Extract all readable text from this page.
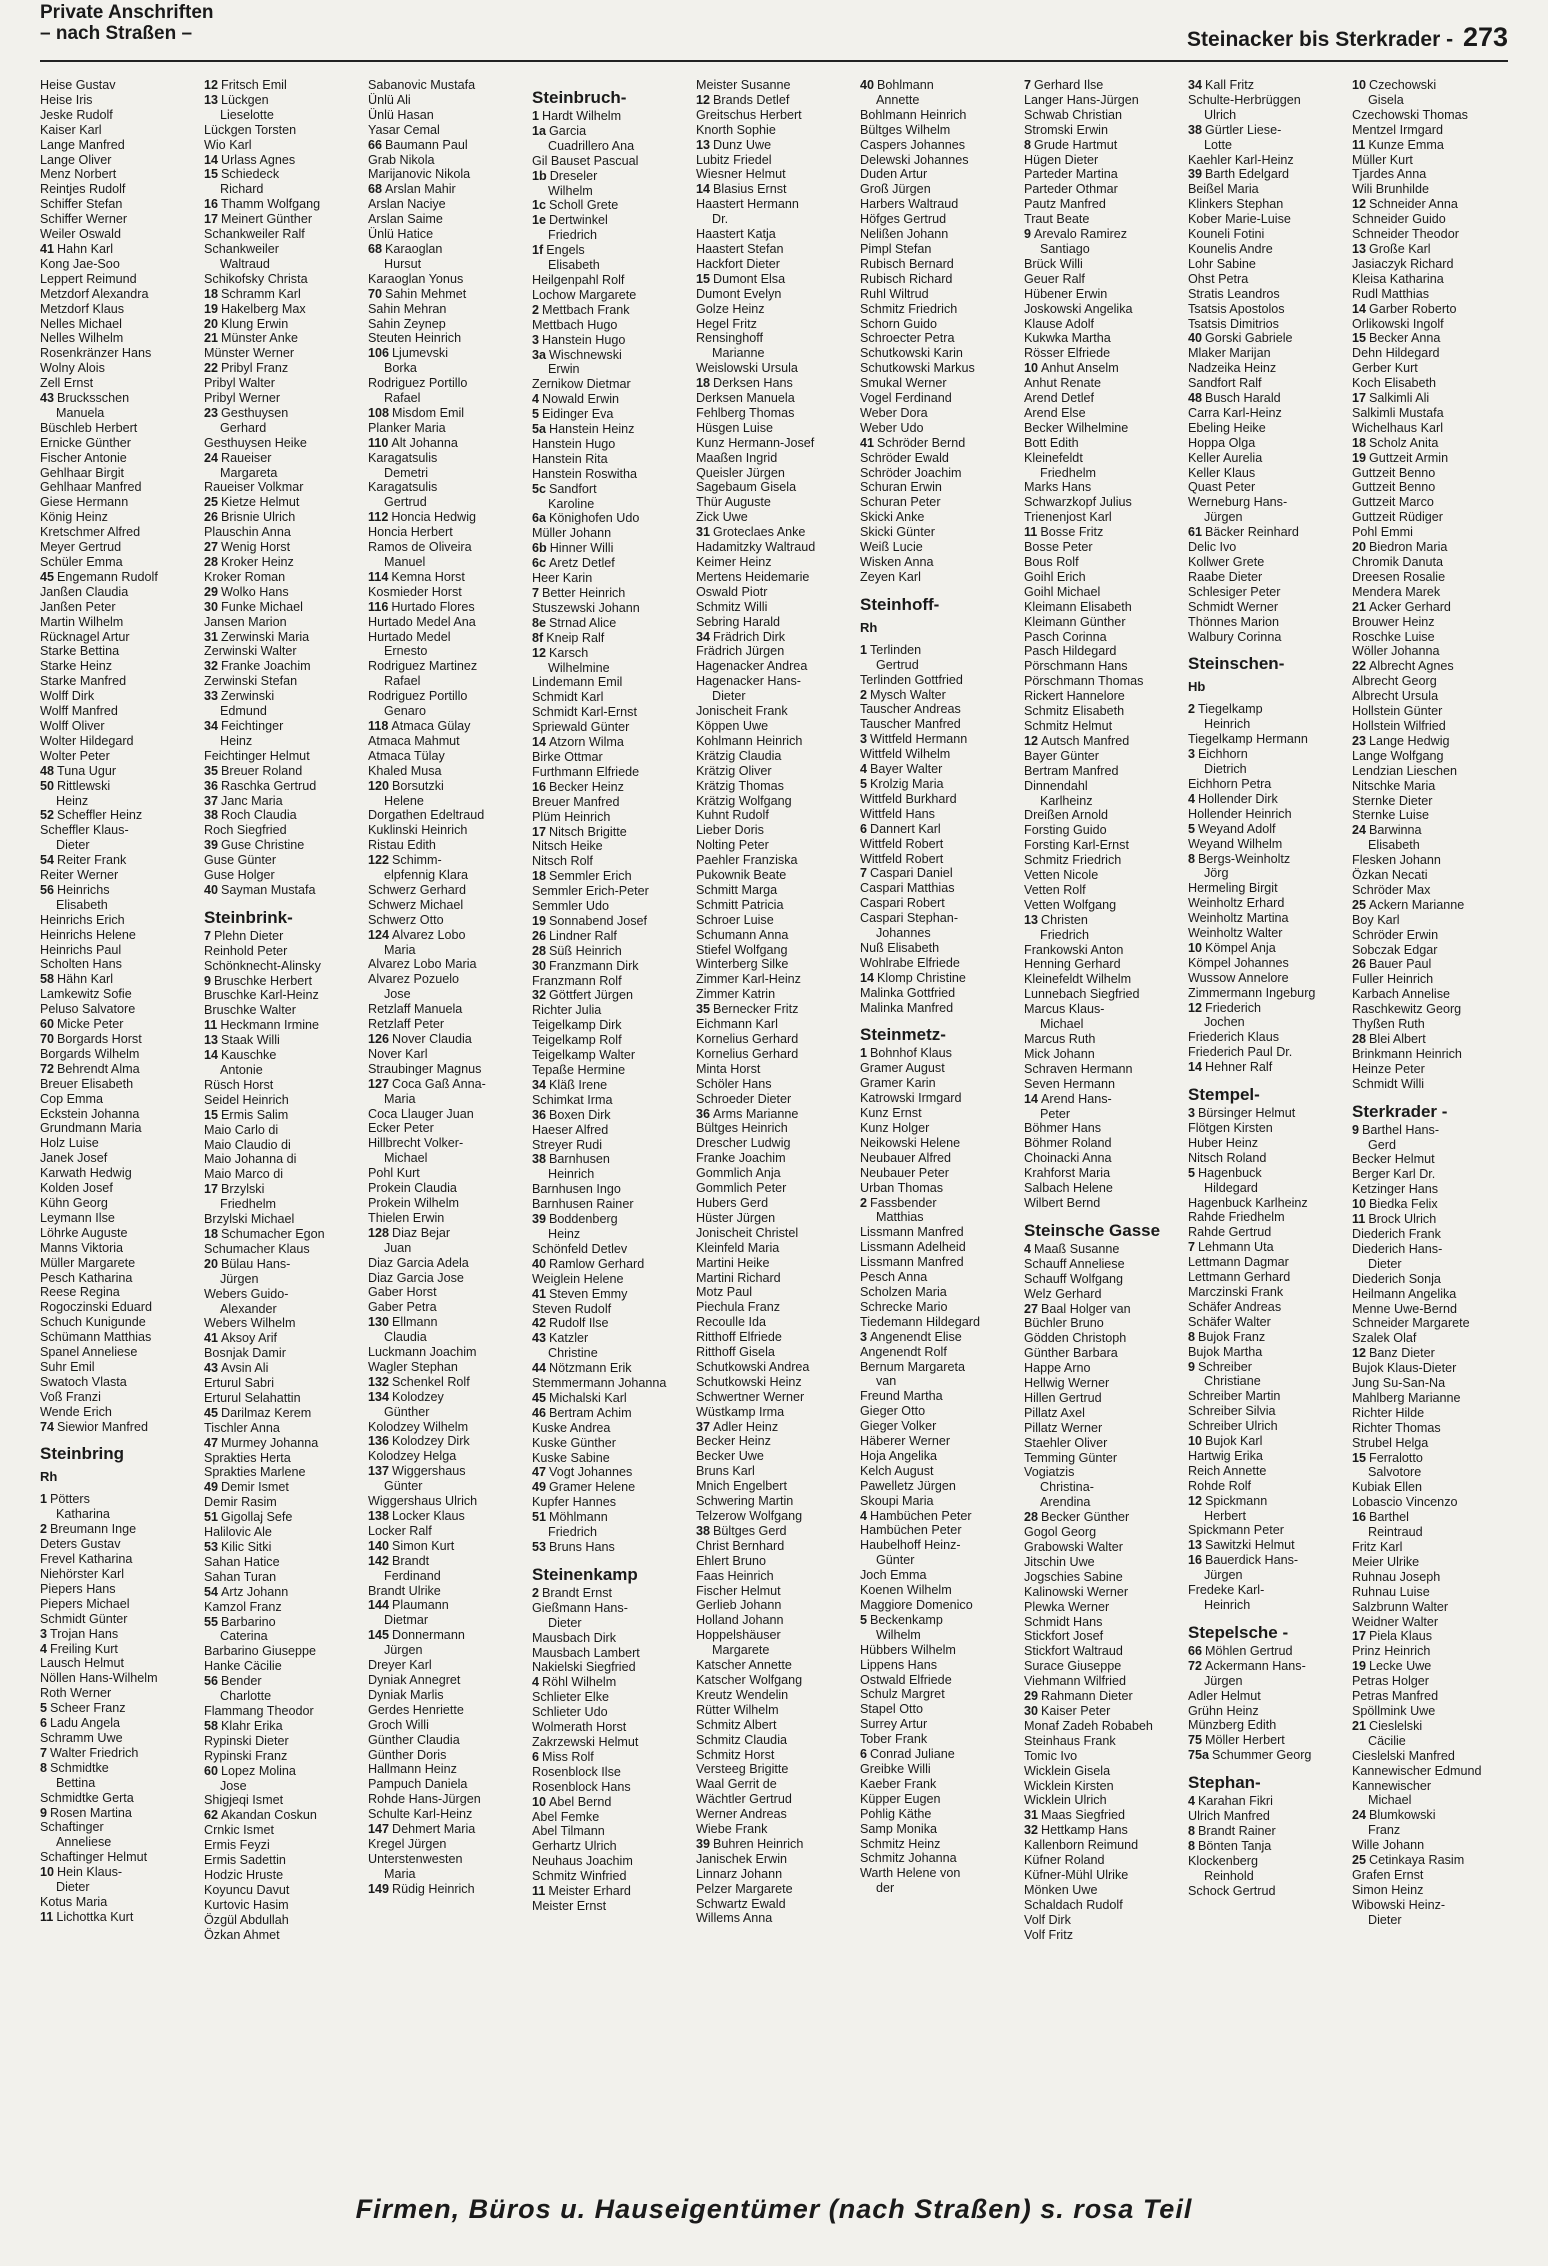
Private Anschriften
– nach Straßen –	Steinacker bis Sterkrader - 273
Heise Gustav
Heise Iris
Jeske Rudolf
Kaiser Karl
Lange Manfred
Lange Oliver
Menz Norbert
Reintjes Rudolf
Schiffer Stefan
Schiffer Werner
Weiler Oswald
41 Hahn Karl
Kong Jae-Soo
Leppert Reimund
Metzdorf Alexandra
Metzdorf Klaus
Nelles Michael
Nelles Wilhelm
Rosenkränzer Hans
Wolny Alois
Zell Ernst
43 Brucksschen
Manuela
Büschleb Herbert
Ernicke Günther
Fischer Antonie
Gehlhaar Birgit
Gehlhaar Manfred
Giese Hermann
König Heinz
Kretschmer Alfred
Meyer Gertrud
Schüler Emma
45 Engemann Rudolf
Janßen Claudia
Janßen Peter
Martin Wilhelm
Rücknagel Artur
Starke Bettina
Starke Heinz
Starke Manfred
Wolff Dirk
Wolff Manfred
Wolff Oliver
Wolter Hildegard
Wolter Peter
48 Tuna Ugur
50 Rittlewski
Heinz
52 Scheffler Heinz
Scheffler Klaus-
Dieter
54 Reiter Frank
Reiter Werner
56 Heinrichs
Elisabeth
Heinrichs Erich
Heinrichs Helene
Heinrichs Paul
Scholten Hans
58 Hähn Karl
Lamkewitz Sofie
Peluso Salvatore
60 Micke Peter
70 Borgards Horst
Borgards Wilhelm
72 Behrendt Alma
Breuer Elisabeth
Cop Emma
Eckstein Johanna
Grundmann Maria
Holz Luise
Janek Josef
Karwath Hedwig
Kolden Josef
Kühn Georg
Leymann Ilse
Löhrke Auguste
Manns Viktoria
Müller Margarete
Pesch Katharina
Reese Regina
Rogoczinski Eduard
Schuch Kunigunde
Schümann Matthias
Spanel Anneliese
Suhr Emil
Swatoch Vlasta
Voß Franzi
Wende Erich
74 Siewior Manfred
Steinbring
Rh
1 Pötters
Katharina
2 Breumann Inge
Deters Gustav
Frevel Katharina
Niehörster Karl
Piepers Hans
Piepers Michael
Schmidt Günter
3 Trojan Hans
4 Freiling Kurt
Lausch Helmut
Nöllen Hans-Wilhelm
Roth Werner
5 Scheer Franz
6 Ladu Angela
Schramm Uwe
7 Walter Friedrich
8 Schmidtke
Bettina
Schmidtke Gerta
9 Rosen Martina
Schaftinger
Anneliese
Schaftinger Helmut
10 Hein Klaus-
Dieter
Kotus Maria
11 Lichottka Kurt
12 Fritsch Emil
13 Lückgen
Lieselotte
Lückgen Torsten
Wio Karl
14 Urlass Agnes
15 Schiedeck
Richard
16 Thamm Wolfgang
17 Meinert Günther
Schankweiler Ralf
Schankweiler
Waltraud
Schikofsky Christa
18 Schramm Karl
19 Hakelberg Max
20 Klung Erwin
21 Münster Anke
Münster Werner
22 Pribyl Franz
Pribyl Walter
Pribyl Werner
23 Gesthuysen
Gerhard
Gesthuysen Heike
24 Raueiser
Margareta
Raueiser Volkmar
25 Kietze Helmut
26 Brisnie Ulrich
Plauschin Anna
27 Wenig Horst
28 Kroker Heinz
Kroker Roman
29 Wolko Hans
30 Funke Michael
Jansen Marion
31 Zerwinski Maria
Zerwinski Walter
32 Franke Joachim
Zerwinski Stefan
33 Zerwinski
Edmund
34 Feichtinger
Heinz
Feichtinger Helmut
35 Breuer Roland
36 Raschka Gertrud
37 Janc Maria
38 Roch Claudia
Roch Siegfried
39 Guse Christine
Guse Günter
Guse Holger
40 Sayman Mustafa
Steinbrink-
7 Plehn Dieter
Reinhold Peter
Schönknecht-Alinsky
9 Bruschke Herbert
Bruschke Karl-Heinz
Bruschke Walter
11 Heckmann Irmine
13 Staak Willi
14 Kauschke
Antonie
Rüsch Horst
Seidel Heinrich
15 Ermis Salim
Maio Carlo di
Maio Claudio di
Maio Johanna di
Maio Marco di
17 Brzylski
Friedhelm
Brzylski Michael
18 Schumacher Egon
Schumacher Klaus
20 Bülau Hans-
Jürgen
Webers Guido-
Alexander
Webers Wilhelm
41 Aksoy Arif
Bosnjak Damir
43 Avsin Ali
Erturul Sabri
Erturul Selahattin
45 Darilmaz Kerem
Tischler Anna
47 Murmey Johanna
Sprakties Herta
Sprakties Marlene
49 Demir Ismet
Demir Rasim
51 Gigollaj Sefe
Halilovic Ale
53 Kilic Sitki
Sahan Hatice
Sahan Turan
54 Artz Johann
Kamzol Franz
55 Barbarino
Caterina
Barbarino Giuseppe
Hanke Cäcilie
56 Bender
Charlotte
Flammang Theodor
58 Klahr Erika
Rypinski Dieter
Rypinski Franz
60 Lopez Molina
Jose
Shigjeqi Ismet
62 Akandan Coskun
Crnkic Ismet
Ermis Feyzi
Ermis Sadettin
Hodzic Hruste
Koyuncu Davut
Kurtovic Hasim
Özgül Abdullah
Özkan Ahmet
Sabanovic Mustafa
Ünlü Ali
Ünlü Hasan
Yasar Cemal
66 Baumann Paul
Grab Nikola
Marijanovic Nikola
68 Arslan Mahir
Arslan Naciye
Arslan Saime
Ünlü Hatice
68 Karaoglan
Hursut
Karaoglan Yonus
70 Sahin Mehmet
Sahin Mehran
Sahin Zeynep
Steuten Heinrich
106 Ljumevski
Borka
Rodriguez Portillo
Rafael
108 Misdom Emil
Planker Maria
110 Alt Johanna
Karagatsulis
Demetri
Karagatsulis
Gertrud
112 Honcia Hedwig
Honcia Herbert
Ramos de Oliveira
Manuel
114 Kemna Horst
Kosmieder Horst
116 Hurtado Flores
Hurtado Medel Ana
Hurtado Medel
Ernesto
Rodriguez Martinez
Rafael
Rodriguez Portillo
Genaro
118 Atmaca Gülay
Atmaca Mahmut
Atmaca Tülay
Khaled Musa
120 Borsutzki
Helene
Dorgathen Edeltraud
Kuklinski Heinrich
Ristau Edith
122 Schimm-
elpfennig Klara
Schwerz Gerhard
Schwerz Michael
Schwerz Otto
124 Alvarez Lobo
Maria
Alvarez Lobo Maria
Alvarez Pozuelo
Jose
Retzlaff Manuela
Retzlaff Peter
126 Nover Claudia
Nover Karl
Straubinger Magnus
127 Coca Gaß Anna-
Maria
Coca Llauger Juan
Ecker Peter
Hillbrecht Volker-
Michael
Pohl Kurt
Prokein Claudia
Prokein Wilhelm
Thielen Erwin
128 Diaz Bejar
Juan
Diaz Garcia Adela
Diaz Garcia Jose
Gaber Horst
Gaber Petra
130 Ellmann
Claudia
Luckmann Joachim
Wagler Stephan
132 Schenkel Rolf
134 Kolodzey
Günther
Kolodzey Wilhelm
136 Kolodzey Dirk
Kolodzey Helga
137 Wiggershaus
Günter
Wiggershaus Ulrich
138 Locker Klaus
Locker Ralf
140 Simon Kurt
142 Brandt
Ferdinand
Brandt Ulrike
144 Plaumann
Dietmar
145 Donnermann
Jürgen
Dreyer Karl
Dyniak Annegret
Dyniak Marlis
Gerdes Henriette
Groch Willi
Günther Claudia
Günther Doris
Hallmann Heinz
Pampuch Daniela
Rohde Hans-Jürgen
Schulte Karl-Heinz
147 Dehmert Maria
Kregel Jürgen
Unterstenwesten
Maria
149 Rüdig Heinrich
Steinbruch-
1 Hardt Wilhelm
1a Garcia
Cuadrillero Ana
Gil Bauset Pascual
1b Dreseler
Wilhelm
1c Scholl Grete
1e Dertwinkel
Friedrich
1f Engels
Elisabeth
Heilgenpahl Rolf
Lochow Margarete
2 Mettbach Frank
Mettbach Hugo
3 Hanstein Hugo
3a Wischnewski
Erwin
Zernikow Dietmar
4 Nowald Erwin
5 Eidinger Eva
5a Hanstein Heinz
Hanstein Hugo
Hanstein Rita
Hanstein Roswitha
5c Sandfort
Karoline
6a Könighofen Udo
Müller Johann
6b Hinner Willi
6c Aretz Detlef
Heer Karin
7 Better Heinrich
Stuszewski Johann
8e Strnad Alice
8f Kneip Ralf
12 Karsch
Wilhelmine
Lindemann Emil
Schmidt Karl
Schmidt Karl-Ernst
Spriewald Günter
14 Atzorn Wilma
Birke Ottmar
Furthmann Elfriede
16 Becker Heinz
Breuer Manfred
Plüm Heinrich
17 Nitsch Brigitte
Nitsch Heike
Nitsch Rolf
18 Semmler Erich
Semmler Erich-Peter
Semmler Udo
19 Sonnabend Josef
26 Lindner Ralf
28 Süß Heinrich
30 Franzmann Dirk
Franzmann Rolf
32 Göttfert Jürgen
Richter Julia
Teigelkamp Dirk
Teigelkamp Rolf
Teigelkamp Walter
Tepaße Hermine
34 Kläß Irene
Schimkat Irma
36 Boxen Dirk
Haeser Alfred
Streyer Rudi
38 Barnhusen
Heinrich
Barnhusen Ingo
Barnhusen Rainer
39 Boddenberg
Heinz
Schönfeld Detlev
40 Ramlow Gerhard
Weiglein Helene
41 Steven Emmy
Steven Rudolf
42 Rudolf Ilse
43 Katzler
Christine
44 Nötzmann Erik
Stemmermann Johanna
45 Michalski Karl
46 Bertram Achim
Kuske Andrea
Kuske Günther
Kuske Sabine
47 Vogt Johannes
49 Gramer Helene
Kupfer Hannes
51 Möhlmann
Friedrich
53 Bruns Hans
Steinenkamp
2 Brandt Ernst
Gießmann Hans-
Dieter
Mausbach Dirk
Mausbach Lambert
Nakielski Siegfried
4 Röhl Wilhelm
Schlieter Elke
Schlieter Udo
Wolmerath Horst
Zakrzewski Helmut
6 Miss Rolf
Rosenblock Ilse
Rosenblock Hans
10 Abel Bernd
Abel Femke
Abel Tilmann
Gerhartz Ulrich
Neuhaus Joachim
Schmitz Winfried
11 Meister Erhard
Meister Ernst
Meister Susanne
12 Brands Detlef
Greitschus Herbert
Knorth Sophie
13 Dunz Uwe
Lubitz Friedel
Wiesner Helmut
14 Blasius Ernst
Haastert Hermann
Dr.
Haastert Katja
Haastert Stefan
Hackfort Dieter
15 Dumont Elsa
Dumont Evelyn
Golze Heinz
Hegel Fritz
Rensinghoff
Marianne
Weislowski Ursula
18 Derksen Hans
Derksen Manuela
Fehlberg Thomas
Hüsgen Luise
Kunz Hermann-Josef
Maaßen Ingrid
Queisler Jürgen
Sagebaum Gisela
Thür Auguste
Zick Uwe
31 Groteclaes Anke
Hadamitzky Waltraud
Keimer Heinz
Mertens Heidemarie
Oswald Piotr
Schmitz Willi
Sebring Harald
34 Frädrich Dirk
Frädrich Jürgen
Hagenacker Andrea
Hagenacker Hans-
Dieter
Jonischeit Frank
Köppen Uwe
Kohlmann Heinrich
Krätzig Claudia
Krätzig Oliver
Krätzig Thomas
Krätzig Wolfgang
Kuhnt Rudolf
Lieber Doris
Nolting Peter
Paehler Franziska
Pukownik Beate
Schmitt Marga
Schmitt Patricia
Schroer Luise
Schumann Anna
Stiefel Wolfgang
Winterberg Silke
Zimmer Karl-Heinz
Zimmer Katrin
35 Bernecker Fritz
Eichmann Karl
Kornelius Gerhard
Kornelius Gerhard
Minta Horst
Schöler Hans
Schroeder Dieter
36 Arms Marianne
Bültges Heinrich
Drescher Ludwig
Franke Joachim
Gommlich Anja
Gommlich Peter
Hubers Gerd
Hüster Jürgen
Jonischeit Christel
Kleinfeld Maria
Martini Heike
Martini Richard
Motz Paul
Piechula Franz
Recoulle Ida
Ritthoff Elfriede
Ritthoff Gisela
Schutkowski Andrea
Schutkowski Heinz
Schwertner Werner
Wüstkamp Irma
37 Adler Heinz
Becker Heinz
Becker Uwe
Bruns Karl
Mnich Engelbert
Schwering Martin
Telzerow Wolfgang
38 Bültges Gerd
Christ Bernhard
Ehlert Bruno
Faas Heinrich
Fischer Helmut
Gerlieb Johann
Holland Johann
Hoppelshäuser
Margarete
Katscher Annette
Katscher Wolfgang
Kreutz Wendelin
Rütter Wilhelm
Schmitz Albert
Schmitz Claudia
Schmitz Horst
Versteeg Brigitte
Waal Gerrit de
Wächtler Gertrud
Werner Andreas
Wiebe Frank
39 Buhren Heinrich
Janischek Erwin
Linnarz Johann
Pelzer Margarete
Schwartz Ewald
Willems Anna
40 Bohlmann
Annette
Bohlmann Heinrich
Bültges Wilhelm
Caspers Johannes
Delewski Johannes
Duden Artur
Groß Jürgen
Harbers Waltraud
Höfges Gertrud
Nelißen Johann
Pimpl Stefan
Rubisch Bernard
Rubisch Richard
Ruhl Wiltrud
Schmitz Friedrich
Schorn Guido
Schroecter Petra
Schutkowski Karin
Schutkowski Markus
Smukal Werner
Vogel Ferdinand
Weber Dora
Weber Udo
41 Schröder Bernd
Schröder Ewald
Schröder Joachim
Schuran Erwin
Schuran Peter
Skicki Anke
Skicki Günter
Weiß Lucie
Wisken Anna
Zeyen Karl
Steinhoff-
Rh
1 Terlinden
Gertrud
Terlinden Gottfried
2 Mysch Walter
Tauscher Andreas
Tauscher Manfred
3 Wittfeld Hermann
Wittfeld Wilhelm
4 Bayer Walter
5 Krolzig Maria
Wittfeld Burkhard
Wittfeld Hans
6 Dannert Karl
Wittfeld Robert
Wittfeld Robert
7 Caspari Daniel
Caspari Matthias
Caspari Robert
Caspari Stephan-
Johannes
Nuß Elisabeth
Wohlrabe Elfriede
14 Klomp Christine
Malinka Gottfried
Malinka Manfred
Steinmetz-
1 Bohnhof Klaus
Gramer August
Gramer Karin
Katrowski Irmgard
Kunz Ernst
Kunz Holger
Neikowski Helene
Neubauer Alfred
Neubauer Peter
Urban Thomas
2 Fassbender
Matthias
Lissmann Manfred
Lissmann Adelheid
Lissmann Manfred
Pesch Anna
Scholzen Maria
Schrecke Mario
Tiedemann Hildegard
3 Angenendt Elise
Angenendt Rolf
Bernum Margareta
van
Freund Martha
Gieger Otto
Gieger Volker
Häberer Werner
Hoja Angelika
Kelch August
Pawelletz Jürgen
Skoupi Maria
4 Hambüchen Peter
Hambüchen Peter
Haubelhoff Heinz-
Günter
Joch Emma
Koenen Wilhelm
Maggiore Domenico
5 Beckenkamp
Wilhelm
Hübbers Wilhelm
Lippens Hans
Ostwald Elfriede
Schulz Margret
Stapel Otto
Surrey Artur
Tober Frank
6 Conrad Juliane
Greibke Willi
Kaeber Frank
Küpper Eugen
Pohlig Käthe
Samp Monika
Schmitz Heinz
Schmitz Johanna
Warth Helene von
der
7 Gerhard Ilse
Langer Hans-Jürgen
Schwab Christian
Stromski Erwin
8 Grude Hartmut
Hügen Dieter
Parteder Martina
Parteder Othmar
Pautz Manfred
Traut Beate
9 Arevalo Ramirez
Santiago
Brück Willi
Geuer Ralf
Hübener Erwin
Joskowski Angelika
Klause Adolf
Kukwka Martha
Rösser Elfriede
10 Anhut Anselm
Anhut Renate
Arend Detlef
Arend Else
Becker Wilhelmine
Bott Edith
Kleinefeldt
Friedhelm
Marks Hans
Schwarzkopf Julius
Trienenjost Karl
11 Bosse Fritz
Bosse Peter
Bous Rolf
Goihl Erich
Goihl Michael
Kleimann Elisabeth
Kleimann Günther
Pasch Corinna
Pasch Hildegard
Pörschmann Hans
Pörschmann Thomas
Rickert Hannelore
Schmitz Elisabeth
Schmitz Helmut
12 Autsch Manfred
Bayer Günter
Bertram Manfred
Dinnendahl
Karlheinz
Dreißen Arnold
Forsting Guido
Forsting Karl-Ernst
Schmitz Friedrich
Vetten Nicole
Vetten Rolf
Vetten Wolfgang
13 Christen
Friedrich
Frankowski Anton
Henning Gerhard
Kleinefeldt Wilhelm
Lunnebach Siegfried
Marcus Klaus-
Michael
Marcus Ruth
Mick Johann
Schraven Hermann
Seven Hermann
14 Arend Hans-
Peter
Böhmer Hans
Böhmer Roland
Choinacki Anna
Krahforst Maria
Salbach Helene
Wilbert Bernd
Steinsche Gasse
4 Maaß Susanne
Schauff Anneliese
Schauff Wolfgang
Welz Gerhard
27 Baal Holger van
Büchler Bruno
Gödden Christoph
Günther Barbara
Happe Arno
Hellwig Werner
Hillen Gertrud
Pillatz Axel
Pillatz Werner
Staehler Oliver
Temming Günter
Vogiatzis
Christina-
Arendina
28 Becker Günther
Gogol Georg
Grabowski Walter
Jitschin Uwe
Jogschies Sabine
Kalinowski Werner
Plewka Werner
Schmidt Hans
Stickfort Josef
Stickfort Waltraud
Surace Giuseppe
Viehmann Wilfried
29 Rahmann Dieter
30 Kaiser Peter
Monaf Zadeh Robabeh
Steinhaus Frank
Tomic Ivo
Wicklein Gisela
Wicklein Kirsten
Wicklein Ulrich
31 Maas Siegfried
32 Hettkamp Hans
Kallenborn Reimund
Küfner Roland
Küfner-Mühl Ulrike
Mönken Uwe
Schaldach Rudolf
Volf Dirk
Volf Fritz
34 Kall Fritz
Schulte-Herbrüggen
Ulrich
38 Gürtler Liese-
Lotte
Kaehler Karl-Heinz
39 Barth Edelgard
Beißel Maria
Klinkers Stephan
Kober Marie-Luise
Kouneli Fotini
Kounelis Andre
Lohr Sabine
Ohst Petra
Stratis Leandros
Tsatsis Apostolos
Tsatsis Dimitrios
40 Gorski Gabriele
Mlaker Marijan
Nadzeika Heinz
Sandfort Ralf
48 Busch Harald
Carra Karl-Heinz
Ebeling Heike
Hoppa Olga
Keller Aurelia
Keller Klaus
Quast Peter
Werneburg Hans-
Jürgen
61 Bäcker Reinhard
Delic Ivo
Kollwer Grete
Raabe Dieter
Schlesiger Peter
Schmidt Werner
Thönnes Marion
Walbury Corinna
Steinschen-
Hb
2 Tiegelkamp
Heinrich
Tiegelkamp Hermann
3 Eichhorn
Dietrich
Eichhorn Petra
4 Hollender Dirk
Hollender Heinrich
5 Weyand Adolf
Weyand Wilhelm
8 Bergs-Weinholtz
Jörg
Hermeling Birgit
Weinholtz Erhard
Weinholtz Martina
Weinholtz Walter
10 Kömpel Anja
Kömpel Johannes
Wussow Annelore
Zimmermann Ingeburg
12 Friederich
Jochen
Friederich Klaus
Friederich Paul Dr.
14 Hehner Ralf
Stempel-
3 Bürsinger Helmut
Flötgen Kirsten
Huber Heinz
Nitsch Roland
5 Hagenbuck
Hildegard
Hagenbuck Karlheinz
Rahde Friedhelm
Rahde Gertrud
7 Lehmann Uta
Lettmann Dagmar
Lettmann Gerhard
Marczinski Frank
Schäfer Andreas
Schäfer Walter
8 Bujok Franz
Bujok Martha
9 Schreiber
Christiane
Schreiber Martin
Schreiber Silvia
Schreiber Ulrich
10 Bujok Karl
Hartwig Erika
Reich Annette
Rohde Rolf
12 Spickmann
Herbert
Spickmann Peter
13 Sawitzki Helmut
16 Bauerdick Hans-
Jürgen
Fredeke Karl-
Heinrich
Stepelsche -
66 Möhlen Gertrud
72 Ackermann Hans-
Jürgen
Adler Helmut
Grühn Heinz
Münzberg Edith
75 Möller Herbert
75a Schummer Georg
Stephan-
4 Karahan Fikri
Ulrich Manfred
8 Brandt Rainer
8 Bönten Tanja
Klockenberg
Reinhold
Schock Gertrud
10 Czechowski
Gisela
Czechowski Thomas
Mentzel Irmgard
11 Kunze Emma
Müller Kurt
Tjardes Anna
Wili Brunhilde
12 Schneider Anna
Schneider Guido
Schneider Theodor
13 Große Karl
Jasiaczyk Richard
Kleisa Katharina
Rudl Matthias
14 Garber Roberto
Orlikowski Ingolf
15 Becker Anna
Dehn Hildegard
Gerber Kurt
Koch Elisabeth
17 Salkimli Ali
Salkimli Mustafa
Wichelhaus Karl
18 Scholz Anita
19 Guttzeit Armin
Guttzeit Benno
Guttzeit Benno
Guttzeit Marco
Guttzeit Rüdiger
Pohl Emmi
20 Biedron Maria
Chromik Danuta
Dreesen Rosalie
Mendera Marek
21 Acker Gerhard
Brouwer Heinz
Roschke Luise
Wöller Johanna
22 Albrecht Agnes
Albrecht Georg
Albrecht Ursula
Hollstein Günter
Hollstein Wilfried
23 Lange Hedwig
Lange Wolfgang
Lendzian Lieschen
Nitschke Maria
Sternke Dieter
Sternke Luise
24 Barwinna
Elisabeth
Flesken Johann
Özkan Necati
Schröder Max
25 Ackern Marianne
Boy Karl
Schröder Erwin
Sobczak Edgar
26 Bauer Paul
Fuller Heinrich
Karbach Annelise
Raschkewitz Georg
Thyßen Ruth
28 Blei Albert
Brinkmann Heinrich
Heinze Peter
Schmidt Willi
Sterkrader -
9 Barthel Hans-
Gerd
Becker Helmut
Berger Karl Dr.
Ketzinger Hans
10 Biedka Felix
11 Brock Ulrich
Diederich Frank
Diederich Hans-
Dieter
Diederich Sonja
Heilmann Angelika
Menne Uwe-Bernd
Schneider Margarete
Szalek Olaf
12 Banz Dieter
Bujok Klaus-Dieter
Jung Su-San-Na
Mahlberg Marianne
Richter Hilde
Richter Thomas
Strubel Helga
15 Ferralotto
Salvotore
Kubiak Ellen
Lobascio Vincenzo
16 Barthel
Reintraud
Fritz Karl
Meier Ulrike
Ruhnau Joseph
Ruhnau Luise
Salzbrunn Walter
Weidner Walter
17 Piela Klaus
Prinz Heinrich
19 Lecke Uwe
Petras Holger
Petras Manfred
Spöllmink Uwe
21 Cieslelski
Cäcilie
Cieslelski Manfred
Kannewischer Edmund
Kannewischer
Michael
24 Blumkowski
Franz
Wille Johann
25 Cetinkaya Rasim
Grafen Ernst
Simon Heinz
Wibowski Heinz-
Dieter
Firmen, Büros u. Hauseigentümer (nach Straßen) s. rosa Teil
